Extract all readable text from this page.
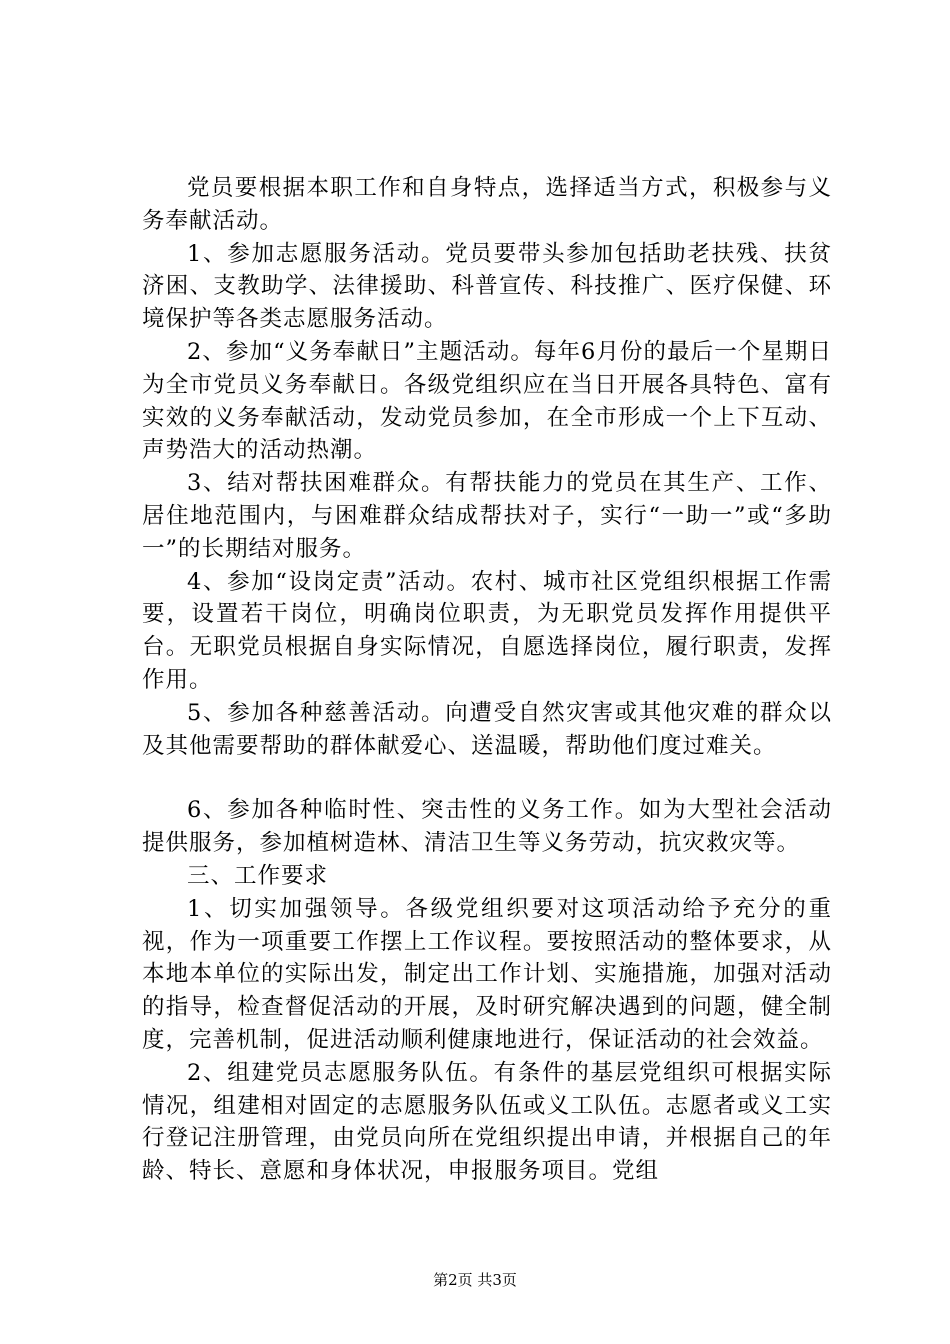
党员要根据本职工作和自身特点，选择适当方式，积极参与义务奉献活动。

1、参加志愿服务活动。党员要带头参加包括助老扶残、扶贫济困、支教助学、法律援助、科普宣传、科技推广、医疗保健、环境保护等各类志愿服务活动。

2、参加“义务奉献日”主题活动。每年6月份的最后一个星期日为全市党员义务奉献日。各级党组织应在当日开展各具特色、富有实效的义务奉献活动，发动党员参加，在全市形成一个上下互动、声势浩大的活动热潮。

3、结对帮扶困难群众。有帮扶能力的党员在其生产、工作、居住地范围内，与困难群众结成帮扶对子，实行“一助一”或“多助一”的长期结对服务。

4、参加“设岗定责”活动。农村、城市社区党组织根据工作需要，设置若干岗位，明确岗位职责，为无职党员发挥作用提供平台。无职党员根据自身实际情况，自愿选择岗位，履行职责，发挥作用。

5、参加各种慈善活动。向遭受自然灾害或其他灾难的群众以及其他需要帮助的群体献爱心、送温暖，帮助他们度过难关。

6、参加各种临时性、突击性的义务工作。如为大型社会活动提供服务，参加植树造林、清洁卫生等义务劳动，抗灾救灾等。

三、工作要求

1、切实加强领导。各级党组织要对这项活动给予充分的重视，作为一项重要工作摆上工作议程。要按照活动的整体要求，从本地本单位的实际出发，制定出工作计划、实施措施，加强对活动的指导，检查督促活动的开展，及时研究解决遇到的问题，健全制度，完善机制，促进活动顺利健康地进行，保证活动的社会效益。

2、组建党员志愿服务队伍。有条件的基层党组织可根据实际情况，组建相对固定的志愿服务队伍或义工队伍。志愿者或义工实行登记注册管理，由党员向所在党组织提出申请，并根据自己的年龄、特长、意愿和身体状况，申报服务项目。党组

第2页 共3页
